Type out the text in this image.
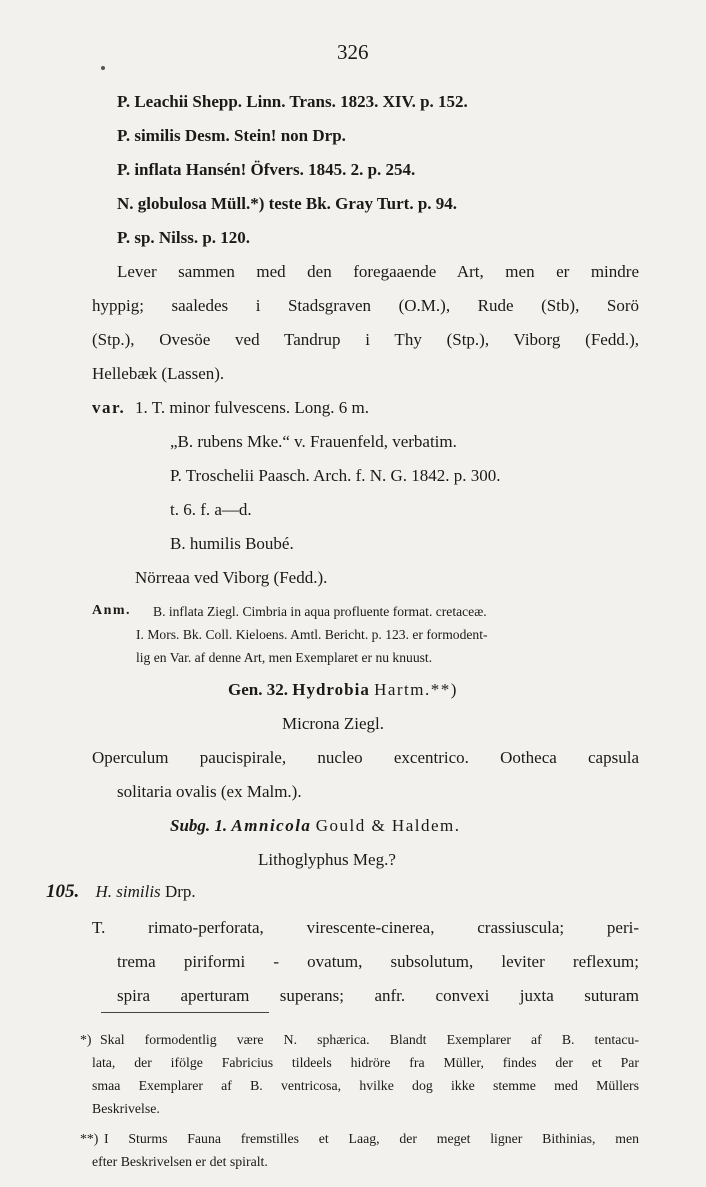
326
P. Leachii Shepp. Linn. Trans. 1823. XIV. p. 152.
P. similis Desm. Stein! non Drp.
P. inflata Hansén! Öfvers. 1845. 2. p. 254.
N. globulosa Müll.*) teste Bk. Gray Turt. p. 94.
P. sp. Nilss. p. 120.
Lever sammen med den foregaaende Art, men er mindre
hyppig; saaledes i Stadsgraven (O.M.), Rude (Stb), Sorö
(Stp.), Ovesöe ved Tandrup i Thy (Stp.), Viborg (Fedd.),
Hellebæk (Lassen).
var. 1. T. minor fulvescens. Long. 6 m.
„B. rubens Mke.“ v. Frauenfeld, verbatim.
P. Troschelii Paasch. Arch. f. N. G. 1842. p. 300.
t. 6. f. a—d.
B. humilis Boubé.
Nörreaa ved Viborg (Fedd.).
Anm. B. inflata Ziegl. Cimbria in aqua profluente format. cretaceæ.
I. Mors. Bk. Coll. Kieloens. Amtl. Bericht. p. 123. er formodent-
lig en Var. af denne Art, men Exemplaret er nu knuust.
Gen. 32. Hydrobia Hartm.**)
Microna Ziegl.
Operculum paucispirale, nucleo excentrico. Ootheca capsula
solitaria ovalis (ex Malm.).
Subg. 1. Amnicola Gould & Haldem.
Lithoglyphus Meg.?
105. H. similis Drp.
T. rimato-perforata, virescente-cinerea, crassiuscula; peri-
trema piriformi - ovatum, subsolutum, leviter reflexum;
spira aperturam superans; anfr. convexi juxta suturam
*) Skal formodentlig være N. sphærica. Blandt Exemplarer af B. tentacu-
lata, der ifölge Fabricius tildeels hidröre fra Müller, findes der et Par
smaa Exemplarer af B. ventricosa, hvilke dog ikke stemme med Müllers
Beskrivelse.
**) I Sturms Fauna fremstilles et Laag, der meget ligner Bithinias, men
efter Beskrivelsen er det spiralt.
